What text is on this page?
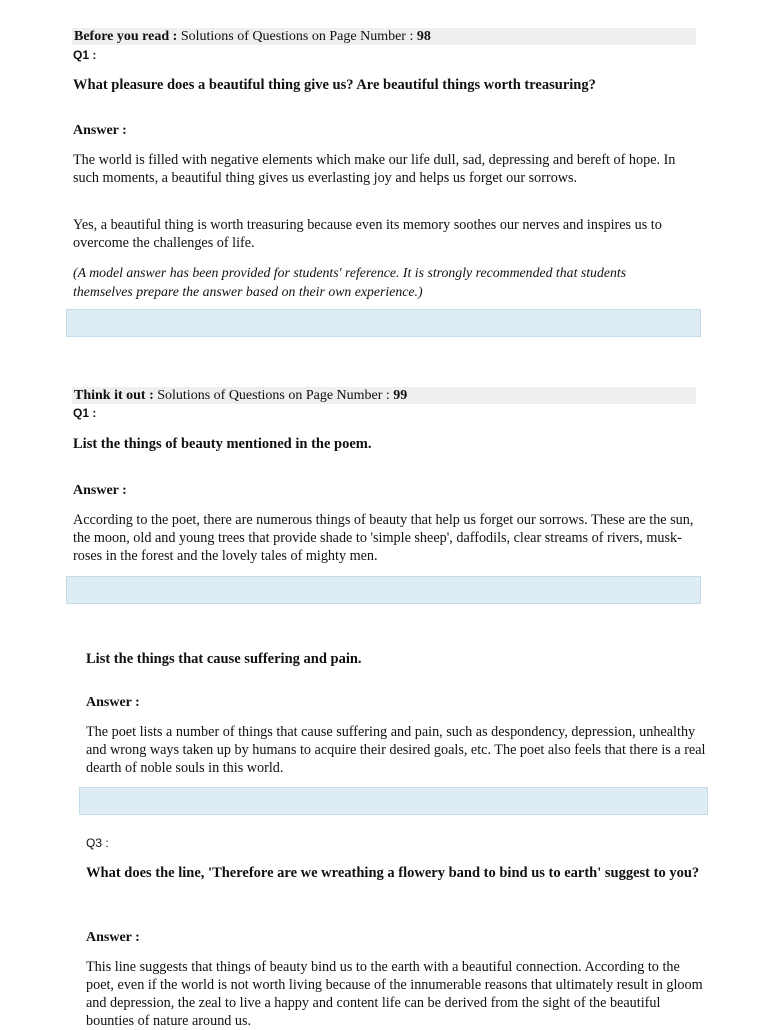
Before you read : Solutions of Questions on Page Number : 98
Q1 :
What pleasure does a beautiful thing give us? Are beautiful things worth treasuring?
Answer :

The world is filled with negative elements which make our life dull, sad, depressing and bereft of hope. In such moments, a beautiful thing gives us everlasting joy and helps us forget our sorrows.

Yes, a beautiful thing is worth treasuring because even its memory soothes our nerves and inspires us to overcome the challenges of life.

(A model answer has been provided for students' reference. It is strongly recommended that students themselves prepare the answer based on their own experience.)
Think it out : Solutions of Questions on Page Number : 99
Q1 :
List the things of beauty mentioned in the poem.
Answer :

According to the poet, there are numerous things of beauty that help us forget our sorrows. These are the sun, the moon, old and young trees that provide shade to 'simple sheep', daffodils, clear streams of rivers, musk-roses in the forest and the lovely tales of mighty men.

List the things that cause suffering and pain.
Answer :

The poet lists a number of things that cause suffering and pain, such as despondency, depression, unhealthy and wrong ways taken up by humans to acquire their desired goals, etc. The poet also feels that there is a real dearth of noble souls in this world.

Q3 :
What does the line, 'Therefore are we wreathing a flowery band to bind us to earth' suggest to you?
Answer :

This line suggests that things of beauty bind us to the earth with a beautiful connection. According to the poet, even if the world is not worth living because of the innumerable reasons that ultimately result in gloom and depression, the zeal to live a happy and content life can be derived from the sight of the beautiful bounties of nature around us.
